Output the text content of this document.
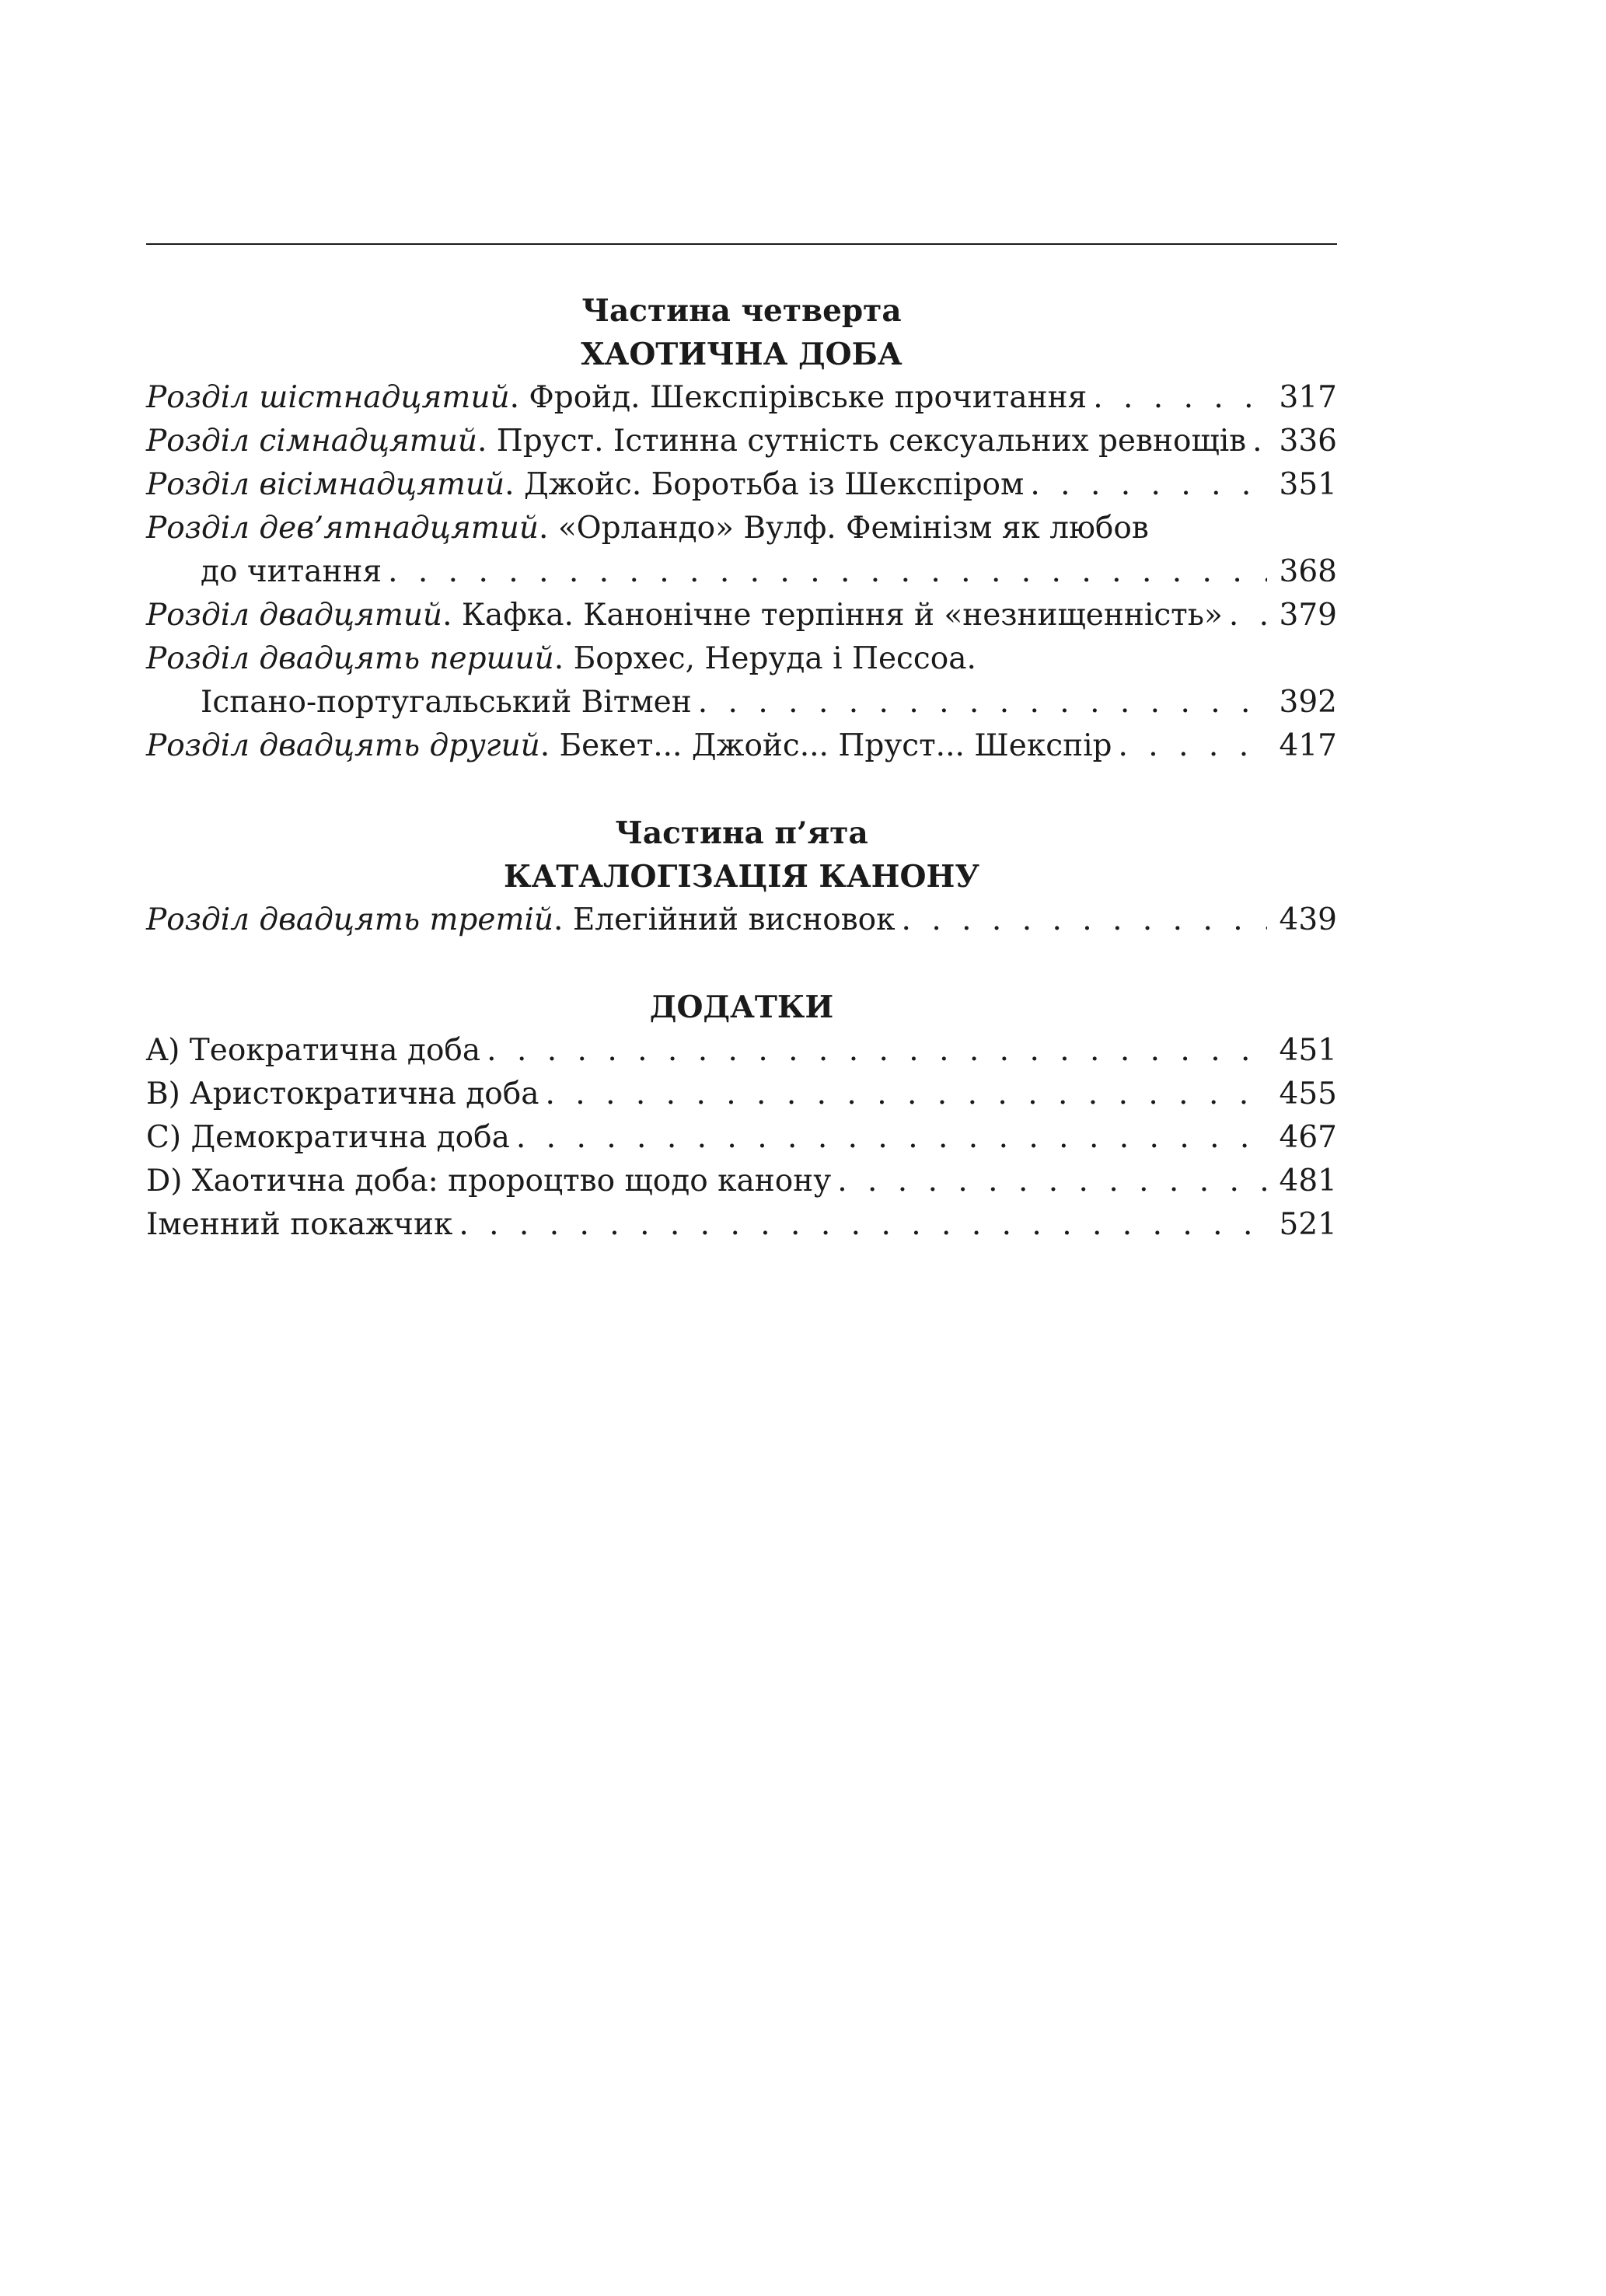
Частина четверта
ХАОТИЧНА ДОБА
Розділ шістнадцятий. Фройд. Шекспірівське прочитання . . .	317
Розділ сімнадцятий. Пруст. Істинна сутність сексуальних ревнощів . . . 336
Розділ вісімнадцятий. Джойс. Боротьба із Шекспіром . . .	351
Розділ дев’ятнадцятий. «Орландо» Вулф. Фемінізм як любов
до читання . . .	368
Розділ двадцятий. Кафка. Канонічне терпіння й «незнищенність» . . . 379
Розділ двадцять перший. Борхес, Неруда і Пессоа.
Іспано-португальський Вітмен . . .	392
Розділ двадцять другий. Бекет... Джойс... Пруст... Шекспір . . .	417
Частина п’ята
КАТАЛОГІЗАЦІЯ КАНОНУ
Розділ двадцять третій. Елегійний висновок . . .	439
ДОДАТКИ
A) Теократична доба . . .	451
B) Аристократична доба . . .	455
C) Демократична доба . . .	467
D) Хаотична доба: пророцтво щодо канону . . .	481
Іменний покажчик . . .	521
